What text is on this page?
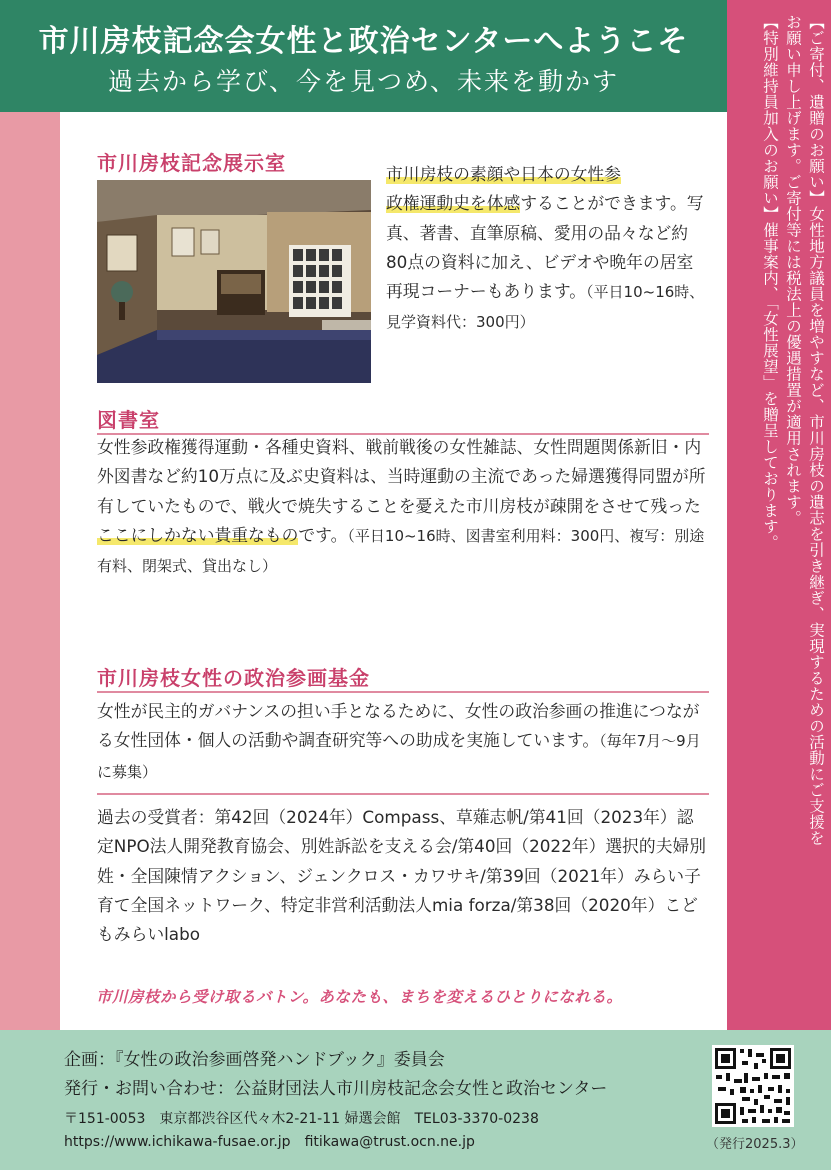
市川房枝記念会女性と政治センターへようこそ
過去から学び、今を見つめ、未来を動かす	【ご寄付、遺贈のお願い】女性地方議員を増やすなど、市川房枝の遺志を引き継ぎ、実現するための活動にご支援を

お願い申し上げます。ご寄付等には税法上の優遇措置が適用されます。

【特別維持員加入のお願い】催事案内、「女性展望」を贈呈しております。

市川房枝記念展示室	市川房枝の素顔や日本の女性参
政権運動史を体感することができます。写真、著書、直筆原稿、愛用の品々など約80点の資料に加え、ビデオや晩年の居室再現コーナーもあります。（平日10~16時、見学資料代：300円）
図書室
女性参政権獲得運動・各種史資料、戦前戦後の女性雑誌、女性問題関係新旧・内外図書など約10万点に及ぶ史資料は、当時運動の主流であった婦選獲得同盟が所有していたもので、戦火で焼失することを憂えた市川房枝が疎開をさせて残ったここにしかない貴重なものです。（平日10~16時、図書室利用料：300円、複写：別途有料、閉架式、貸出なし）
市川房枝女性の政治参画基金
女性が民主的ガバナンスの担い手となるために、女性の政治参画の推進につながる女性団体・個人の活動や調査研究等への助成を実施しています。（毎年7月～9月に募集）
過去の受賞者：第42回（2024年）Compass、草薙志帆/第41回（2023年）認定NPO法人開発教育協会、別姓訴訟を支える会/第40回（2022年）選択的夫婦別姓・全国陳情アクション、ジェンクロス・カワサキ/第39回（2021年）みらい子育て全国ネットワーク、特定非営利活動法人mia forza/第38回（2020年）こどもみらいlabo
市川房枝から受け取るバトン。あなたも、まちを変えるひとりになれる。
企画：『女性の政治参画啓発ハンドブック』委員会
発行・お問い合わせ：公益財団法人市川房枝記念会女性と政治センター
〒151-0053　東京都渋谷区代々木2-21-11 婦選会館　TEL03-3370-0238
https://www.ichikawa-fusae.or.jp　fitikawa@trust.ocn.ne.jp	（発行2025.3）
